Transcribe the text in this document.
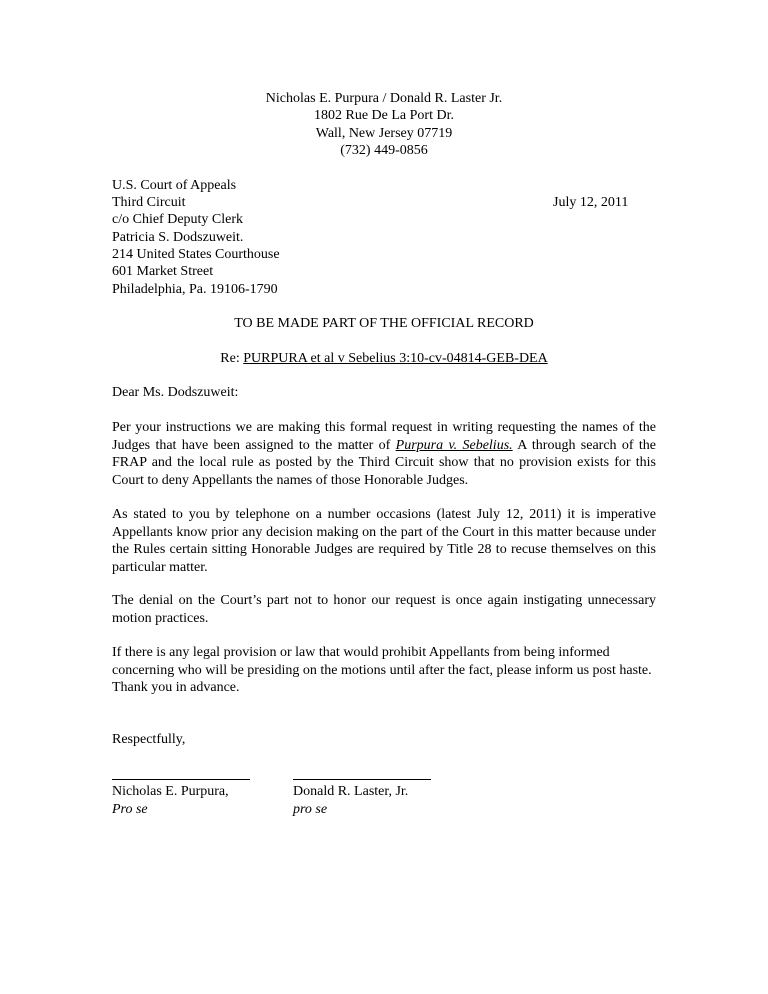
Nicholas E. Purpura / Donald R. Laster Jr.
1802 Rue De La Port Dr.
Wall, New Jersey 07719
(732) 449-0856
U.S. Court of Appeals
Third Circuit
c/o Chief Deputy Clerk
Patricia S. Dodszuweit.
214 United States Courthouse
601 Market Street
Philadelphia, Pa. 19106-1790
July 12, 2011
TO BE MADE PART OF THE OFFICIAL RECORD
Re: PURPURA et al v Sebelius 3:10-cv-04814-GEB-DEA
Dear Ms. Dodszuweit:
Per your instructions we are making this formal request in writing requesting the names of the Judges that have been assigned to the matter of Purpura v. Sebelius. A through search of the FRAP and the local rule as posted by the Third Circuit show that no provision exists for this Court to deny Appellants the names of those Honorable Judges.
As stated to you by telephone on a number occasions (latest July 12, 2011) it is imperative Appellants know prior any decision making on the part of the Court in this matter because under the Rules certain sitting Honorable Judges are required by Title 28 to recuse themselves on this particular matter.
The denial on the Court’s part not to honor our request is once again instigating unnecessary motion practices.
If there is any legal provision or law that would prohibit Appellants from being informed concerning who will be presiding on the motions until after the fact, please inform us post haste. Thank you in advance.
Respectfully,
Nicholas E. Purpura,
Pro se
Donald R. Laster, Jr.
pro se
